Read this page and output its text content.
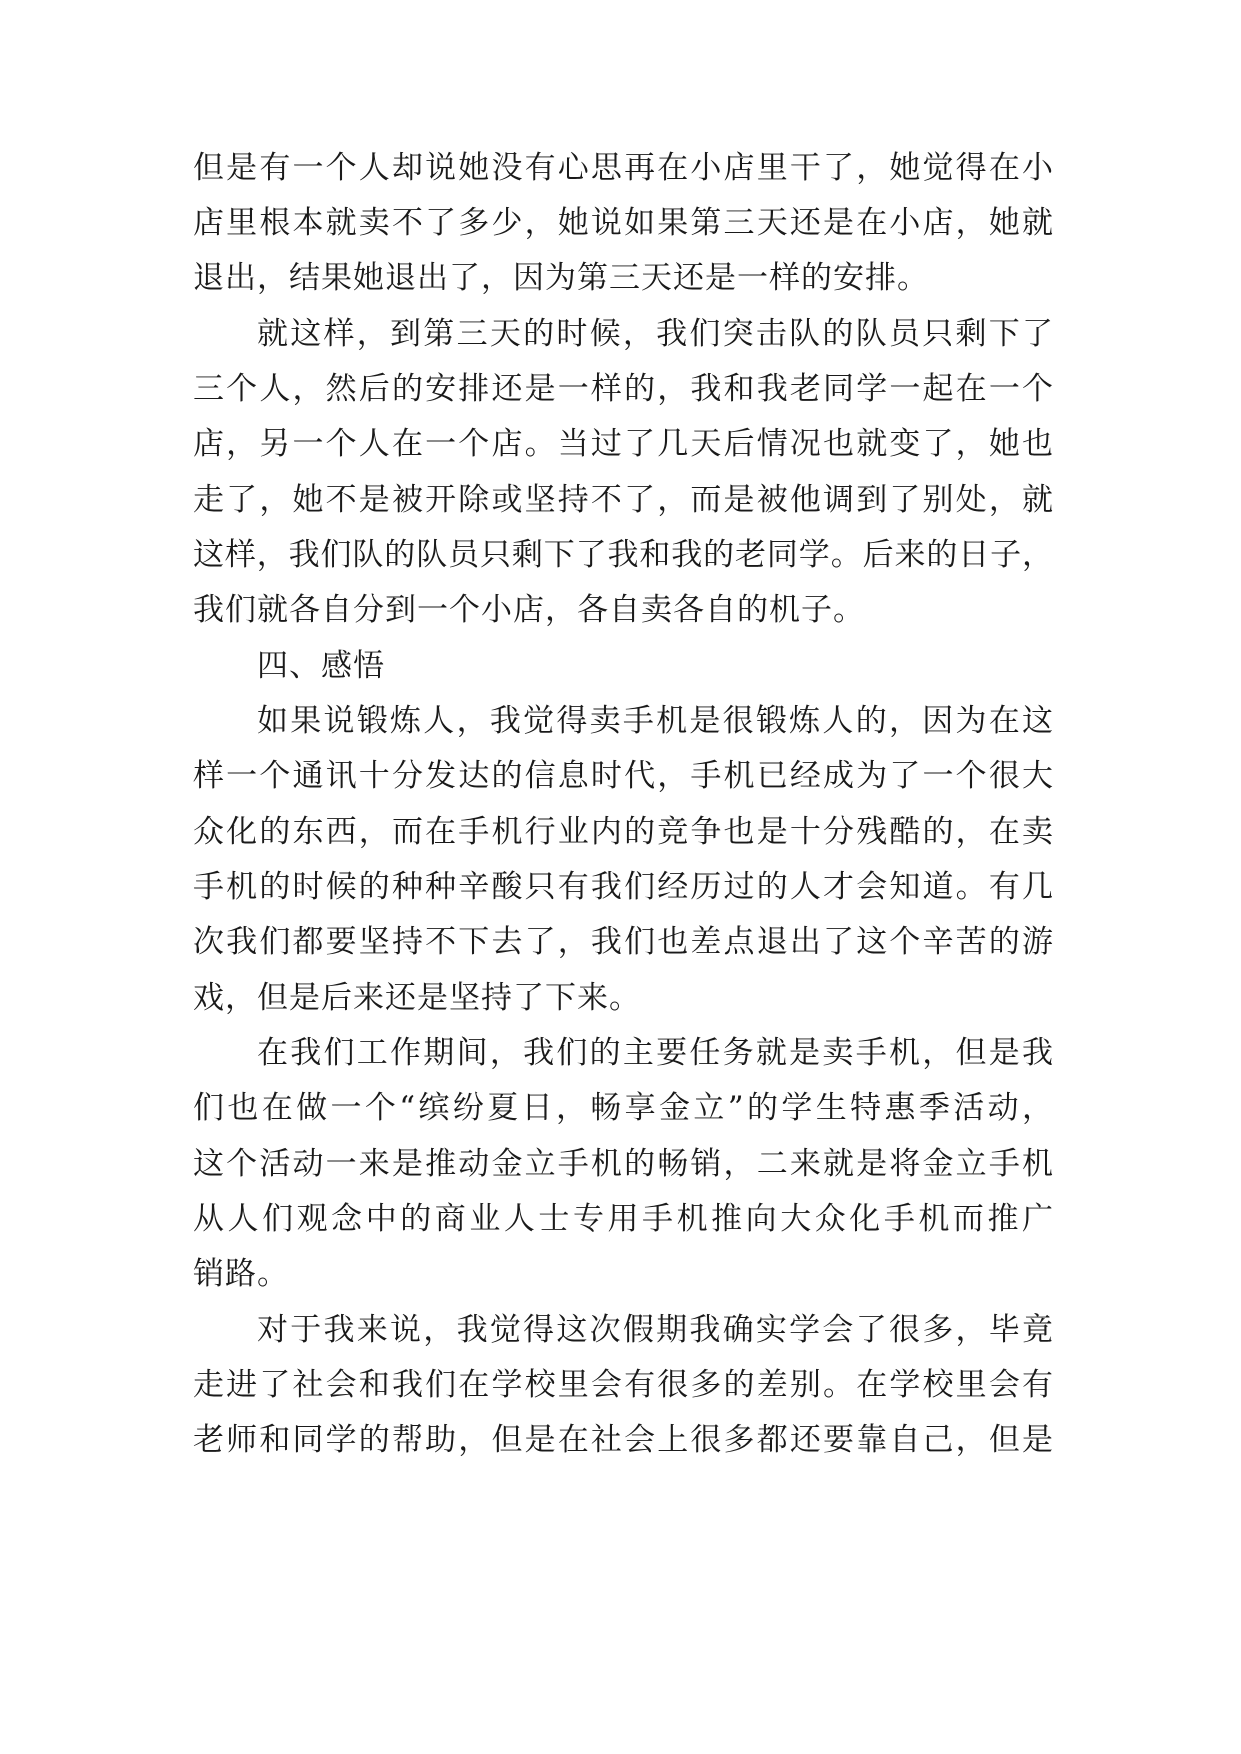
但是有一个人却说她没有心思再在小店里干了，她觉得在小
店里根本就卖不了多少，她说如果第三天还是在小店，她就
退出，结果她退出了，因为第三天还是一样的安排。
就这样，到第三天的时候，我们突击队的队员只剩下了
三个人，然后的安排还是一样的，我和我老同学一起在一个
店，另一个人在一个店。当过了几天后情况也就变了，她也
走了，她不是被开除或坚持不了，而是被他调到了别处，就
这样，我们队的队员只剩下了我和我的老同学。后来的日子，
我们就各自分到一个小店，各自卖各自的机子。
四、感悟
如果说锻炼人，我觉得卖手机是很锻炼人的，因为在这
样一个通讯十分发达的信息时代，手机已经成为了一个很大
众化的东西，而在手机行业内的竞争也是十分残酷的，在卖
手机的时候的种种辛酸只有我们经历过的人才会知道。有几
次我们都要坚持不下去了，我们也差点退出了这个辛苦的游
戏，但是后来还是坚持了下来。
在我们工作期间，我们的主要任务就是卖手机，但是我
们也在做一个“缤纷夏日，畅享金立”的学生特惠季活动，
这个活动一来是推动金立手机的畅销，二来就是将金立手机
从人们观念中的商业人士专用手机推向大众化手机而推广
销路。
对于我来说，我觉得这次假期我确实学会了很多，毕竟
走进了社会和我们在学校里会有很多的差别。在学校里会有
老师和同学的帮助，但是在社会上很多都还要靠自己，但是
